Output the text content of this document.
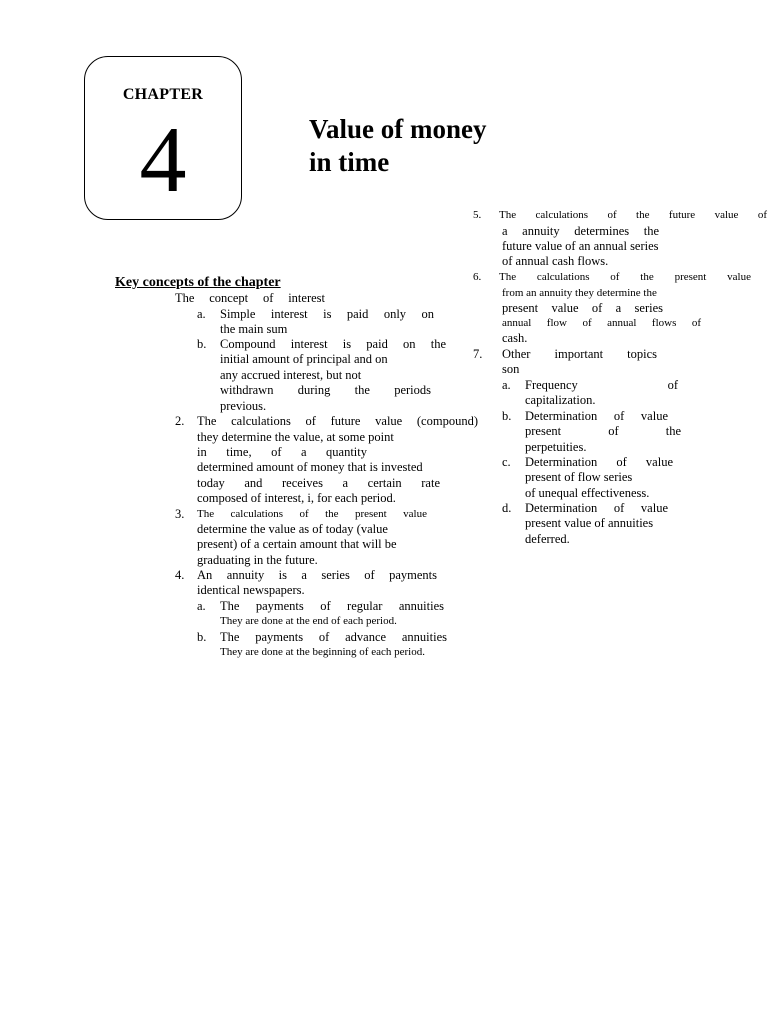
CHAPTER
4	Value of money
in time
Key concepts of the chapter
The concept of interest
a. Simple interest is paid only on
the main sum
b. Compound interest is paid on the
initial amount of principal and on
any accrued interest, but not
withdrawn during the periods
previous.
2. The calculations of future value (compound)
they determine the value, at some point
in time, of a quantity
determined amount of money that is invested
today and receives a certain rate
composed of interest, i, for each period.
3. The calculations of the present value
determine the value as of today (value
present) of a certain amount that will be
graduating in the future.
4. An annuity is a series of payments
identical newspapers.
a. The payments of regular annuities
They are done at the end of each period.
b. The payments of advance annuities
They are done at the beginning of each period.
5. The calculations of the future value of
a annuity determines the
future value of an annual series
of annual cash flows.
6. The calculations of the present value
from an annuity they determine the
present value of a series
annual flow of annual flows of
cash.
7. Other important topics
son
a. Frequency of
capitalization.
b. Determination of value
present of the
perpetuities.
c. Determination of value
present of flow series
of unequal effectiveness.
d. Determination of value
present value of annuities
deferred.
